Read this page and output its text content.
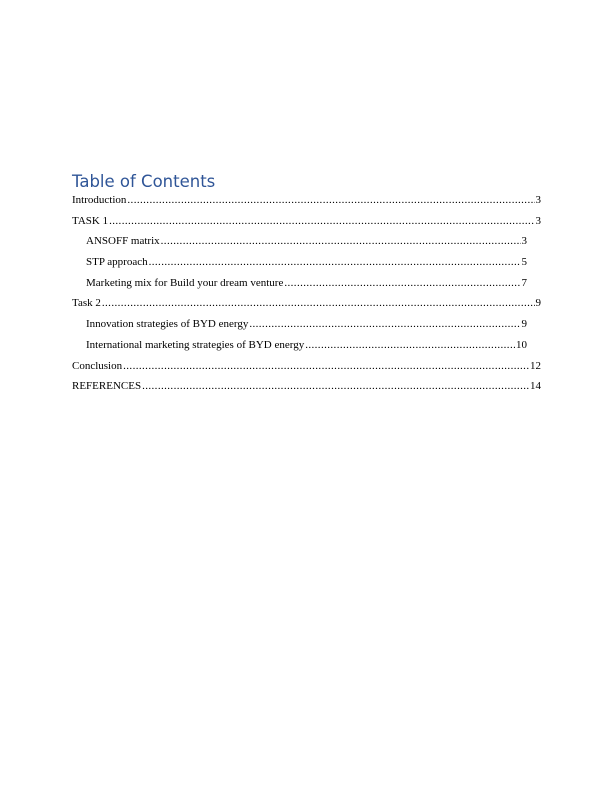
Table of Contents
Introduction .....	3
TASK 1 .....	3
ANSOFF matrix .....	3
STP approach .....	5
Marketing mix for Build your dream venture .....	7
Task 2 .....	9
Innovation strategies of BYD energy .....	9
International marketing strategies of BYD energy .....	10
Conclusion .....	12
REFERENCES .....	14
